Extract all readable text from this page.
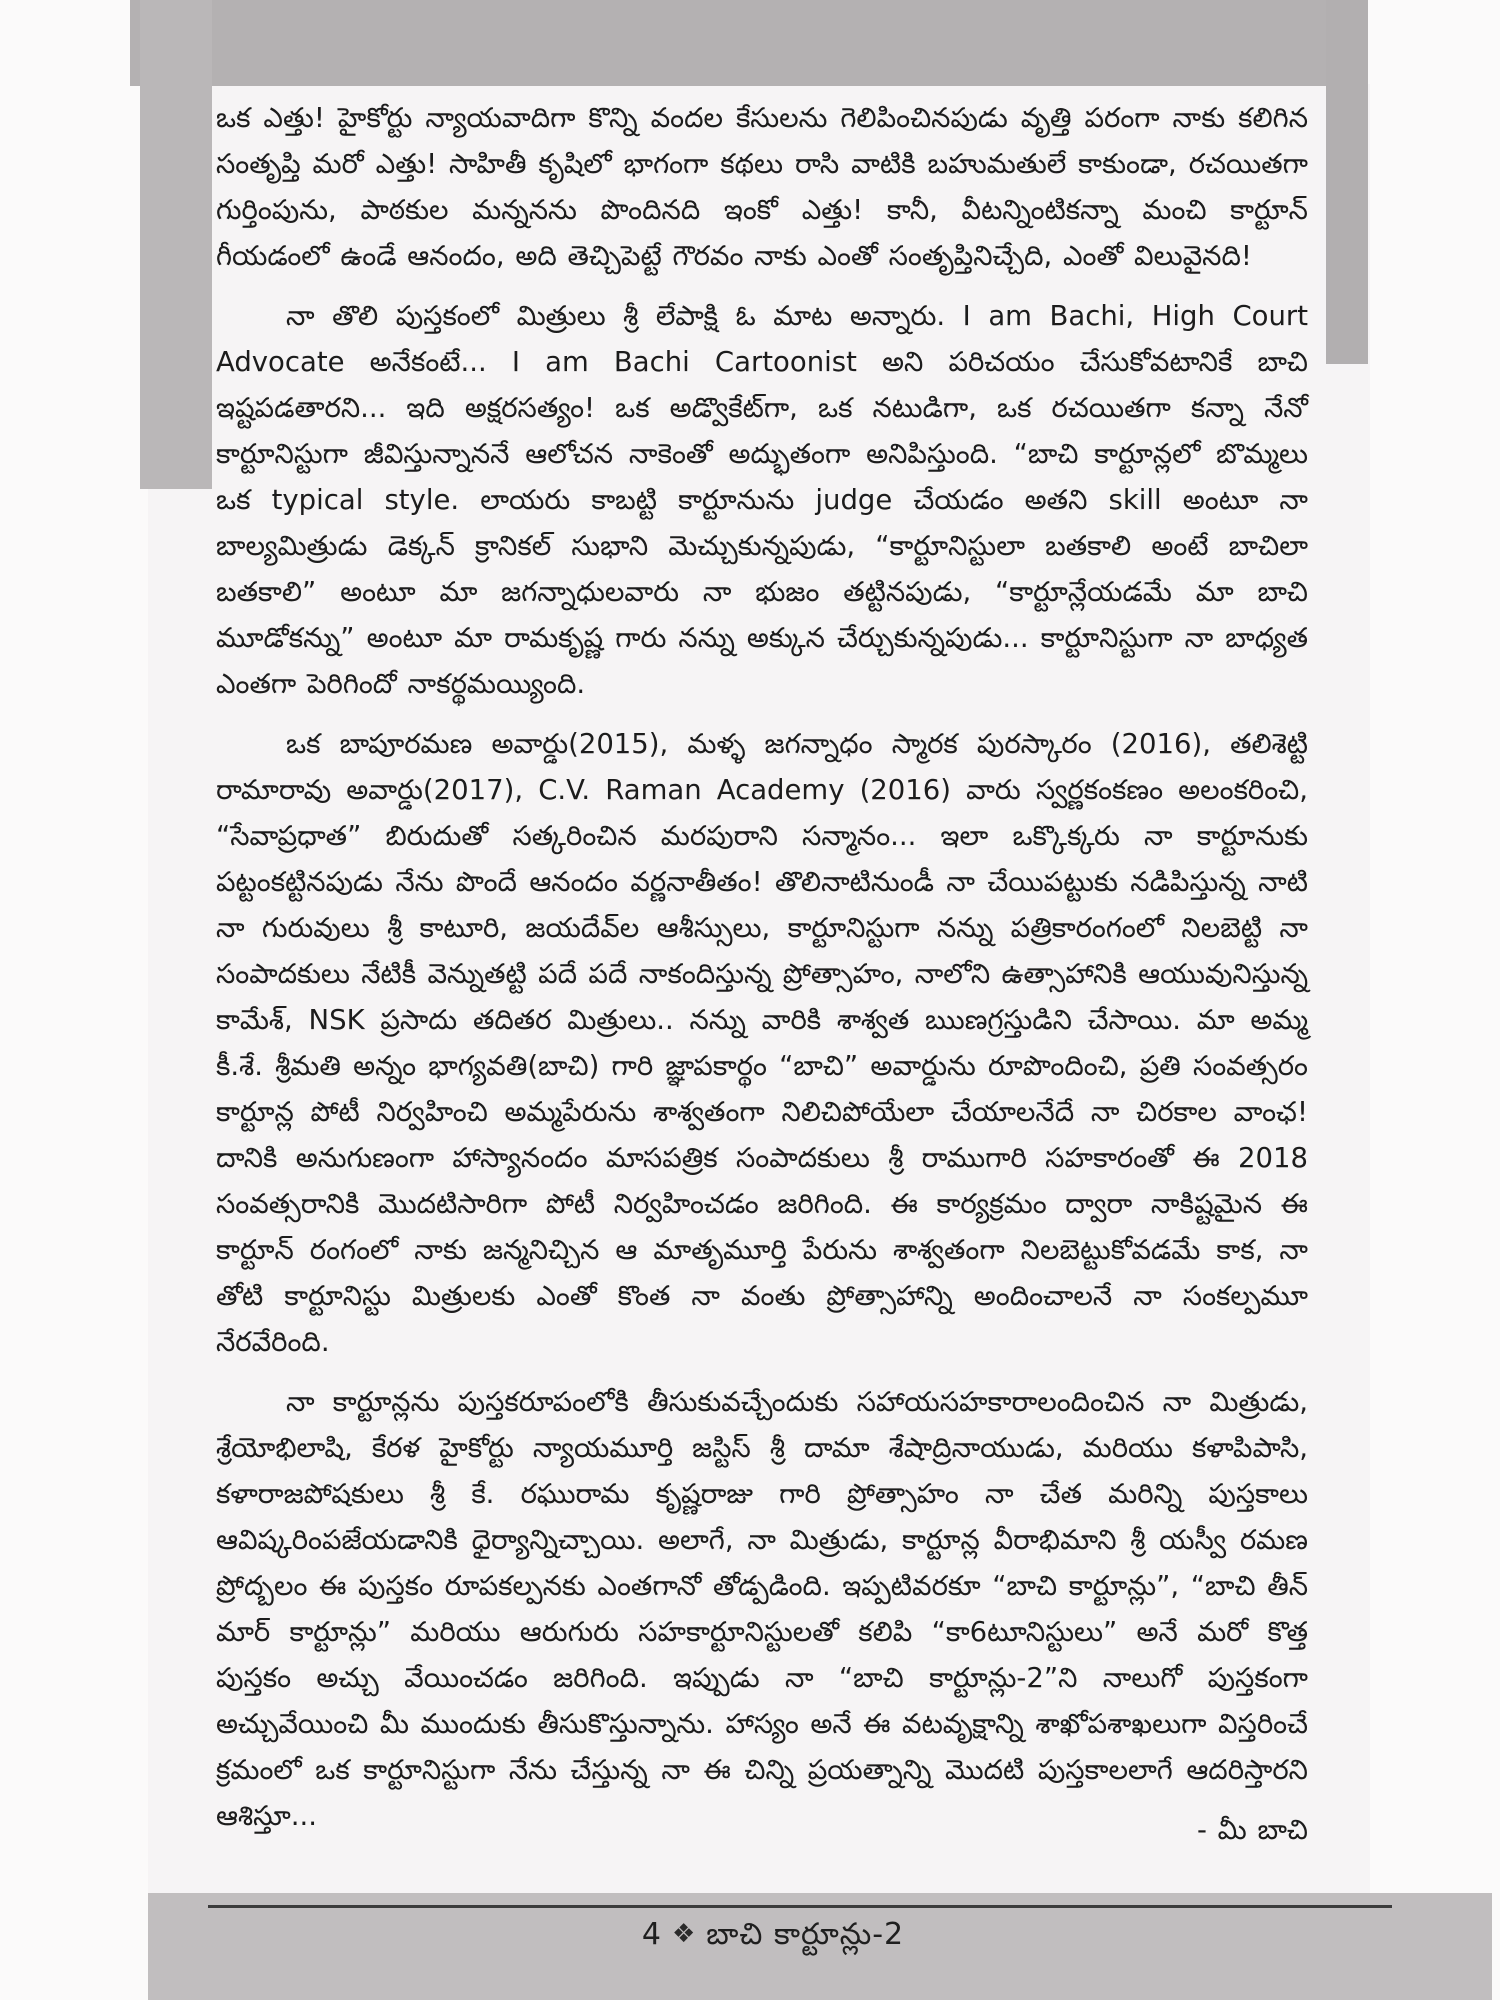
ఒక ఎత్తు! హైకోర్టు న్యాయవాదిగా కొన్ని వందల కేసులను గెలిపించినపుడు వృత్తి పరంగా నాకు కలిగిన సంతృప్తి మరో ఎత్తు! సాహితీ కృషిలో భాగంగా కథలు రాసి వాటికి బహుమతులే కాకుండా, రచయితగా గుర్తింపును, పాఠకుల మన్ననను పొందినది ఇంకో ఎత్తు! కానీ, వీటన్నింటికన్నా మంచి కార్టూన్ గీయడంలో ఉండే ఆనందం, అది తెచ్చిపెట్టే గౌరవం నాకు ఎంతో సంతృప్తినిచ్చేది, ఎంతో విలువైనది!

నా తొలి పుస్తకంలో మిత్రులు శ్రీ లేపాక్షి ఓ మాట అన్నారు. I am Bachi, High Court Advocate అనేకంటే... I am Bachi Cartoonist అని పరిచయం చేసుకోవటానికే బాచి ఇష్టపడతారని... ఇది అక్షరసత్యం! ఒక అడ్వొకేట్‌గా, ఒక నటుడిగా, ఒక రచయితగా కన్నా నేనో కార్టూనిస్టుగా జీవిస్తున్నాననే ఆలోచన నాకెంతో అద్భుతంగా అనిపిస్తుంది. “బాచి కార్టూన్లలో బొమ్మలు ఒక typical style. లాయరు కాబట్టి కార్టూనును judge చేయడం అతని skill అంటూ నా బాల్యమిత్రుడు డెక్కన్ క్రానికల్ సుభాని మెచ్చుకున్నపుడు, “కార్టూనిస్టులా బతకాలి అంటే బాచిలా బతకాలి” అంటూ మా జగన్నాధులవారు నా భుజం తట్టినపుడు, “కార్టూన్లేయడమే మా బాచి మూడోకన్ను” అంటూ మా రామకృష్ణ గారు నన్ను అక్కున చేర్చుకున్నపుడు... కార్టూనిస్టుగా నా బాధ్యత ఎంతగా పెరిగిందో నాకర్థమయ్యింది.

ఒక బాపూరమణ అవార్డు(2015), మళ్ళ జగన్నాధం స్మారక పురస్కారం (2016), తలిశెట్టి రామారావు అవార్డు(2017), C.V. Raman Academy (2016) వారు స్వర్ణకంకణం అలంకరించి, “సేవాప్రధాత” బిరుదుతో సత్కరించిన మరపురాని సన్మానం... ఇలా ఒక్కొక్కరు నా కార్టూనుకు పట్టంకట్టినపుడు నేను పొందే ఆనందం వర్ణనాతీతం! తొలినాటినుండీ నా చేయిపట్టుకు నడిపిస్తున్న నాటి నా గురువులు శ్రీ కాటూరి, జయదేవ్‌ల ఆశీస్సులు, కార్టూనిస్టుగా నన్ను పత్రికారంగంలో నిలబెట్టి నా సంపాదకులు నేటికీ వెన్నుతట్టి పదే పదే నాకందిస్తున్న ప్రోత్సాహం, నాలోని ఉత్సాహానికి ఆయువునిస్తున్న కామేశ్, NSK ప్రసాదు తదితర మిత్రులు.. నన్ను వారికి శాశ్వత ఋణగ్రస్తుడిని చేసాయి. మా అమ్మ కీ.శే. శ్రీమతి అన్నం భాగ్యవతి(బాచి) గారి జ్ఞాపకార్థం “బాచి” అవార్డును రూపొందించి, ప్రతి సంవత్సరం కార్టూన్ల పోటీ నిర్వహించి అమ్మపేరును శాశ్వతంగా నిలిచిపోయేలా చేయాలనేదే నా చిరకాల వాంఛ! దానికి అనుగుణంగా హాస్యానందం మాసపత్రిక సంపాదకులు శ్రీ రాముగారి సహకారంతో ఈ 2018 సంవత్సరానికి మొదటిసారిగా పోటీ నిర్వహించడం జరిగింది. ఈ కార్యక్రమం ద్వారా నాకిష్టమైన ఈ కార్టూన్ రంగంలో నాకు జన్మనిచ్చిన ఆ మాతృమూర్తి పేరును శాశ్వతంగా నిలబెట్టుకోవడమే కాక, నా తోటి కార్టూనిస్టు మిత్రులకు ఎంతో కొంత నా వంతు ప్రోత్సాహాన్ని అందించాలనే నా సంకల్పమూ నేరవేరింది.

నా కార్టూన్లను పుస్తకరూపంలోకి తీసుకువచ్చేందుకు సహాయసహకారాలందించిన నా మిత్రుడు, శ్రేయోభిలాషి, కేరళ హైకోర్టు న్యాయమూర్తి జస్టిస్ శ్రీ దామా శేషాద్రినాయుడు, మరియు కళాపిపాసి, కళారాజపోషకులు శ్రీ కే. రఘురామ కృష్ణరాజు గారి ప్రోత్సాహం నా చేత మరిన్ని పుస్తకాలు ఆవిష్కరింపజేయడానికి ధైర్యాన్నిచ్చాయి. అలాగే, నా మిత్రుడు, కార్టూన్ల వీరాభిమాని శ్రీ యస్వీ రమణ ప్రోద్బలం ఈ పుస్తకం రూపకల్పనకు ఎంతగానో తోడ్పడింది. ఇప్పటివరకూ “బాచి కార్టూన్లు”, “బాచి తీన్ మార్ కార్టూన్లు” మరియు ఆరుగురు సహకార్టూనిస్టులతో కలిపి “కా6టూనిస్టులు” అనే మరో కొత్త పుస్తకం అచ్చు వేయించడం జరిగింది. ఇప్పుడు నా “బాచి కార్టూన్లు-2”ని నాలుగో పుస్తకంగా అచ్చువేయించి మీ ముందుకు తీసుకొస్తున్నాను. హాస్యం అనే ఈ వటవృక్షాన్ని శాఖోపశాఖలుగా విస్తరించే క్రమంలో ఒక కార్టూనిస్టుగా నేను చేస్తున్న నా ఈ చిన్ని ప్రయత్నాన్ని మొదటి పుస్తకాలలాగే ఆదరిస్తారని ఆశిస్తూ...	- మీ బాచి
4 ❖ బాచి కార్టూన్లు-2
